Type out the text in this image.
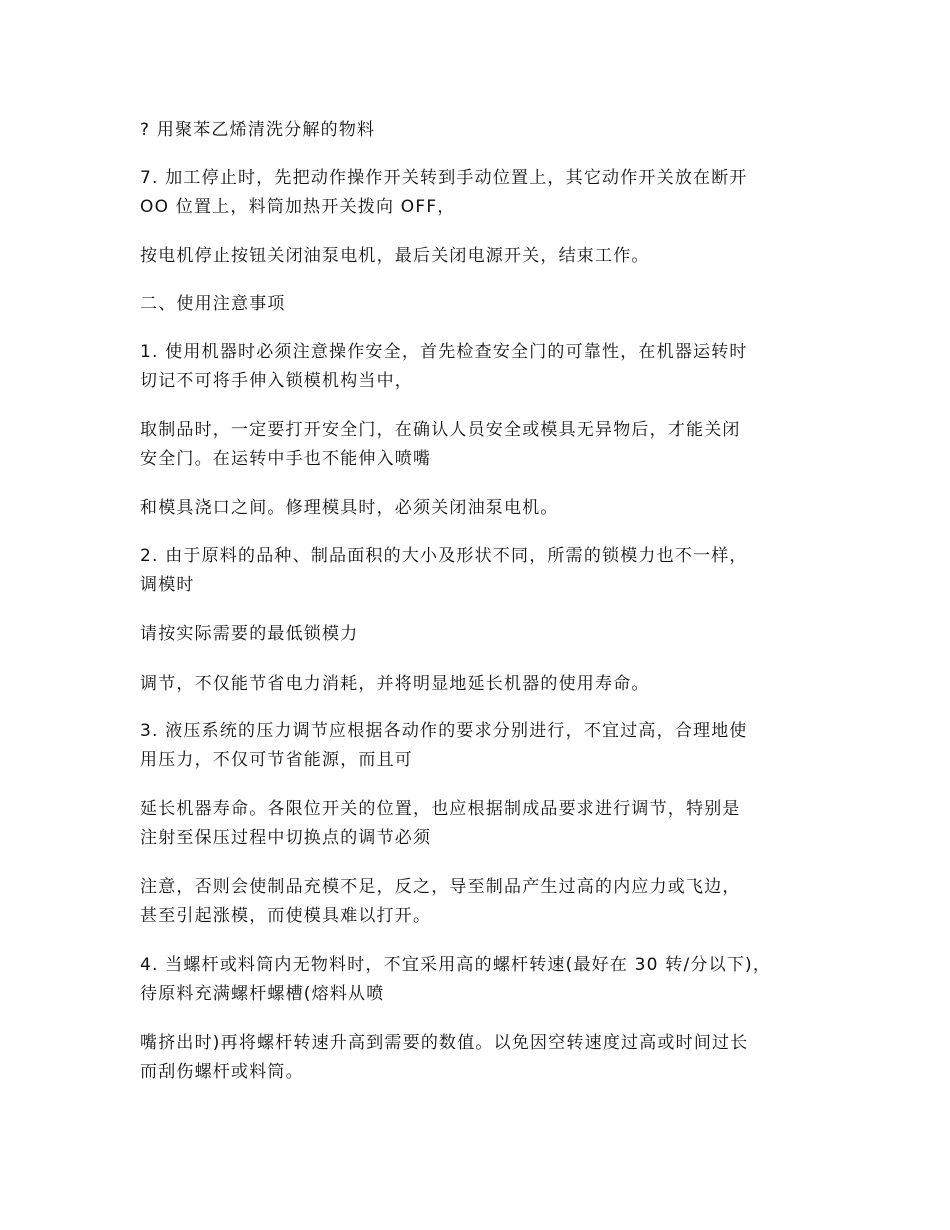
? 用聚苯乙烯清洗分解的物料

7. 加工停止时，先把动作操作开关转到手动位置上，其它动作开关放在断开
OO 位置上，料筒加热开关拨向 OFF，

按电机停止按钮关闭油泵电机，最后关闭电源开关，结束工作。

二、使用注意事项

1. 使用机器时必须注意操作安全，首先检查安全门的可靠性，在机器运转时
切记不可将手伸入锁模机构当中，

取制品时，一定要打开安全门，在确认人员安全或模具无异物后，才能关闭
安全门。在运转中手也不能伸入喷嘴

和模具浇口之间。修理模具时，必须关闭油泵电机。

2. 由于原料的品种、制品面积的大小及形状不同，所需的锁模力也不一样，
调模时

请按实际需要的最低锁模力

调节，不仅能节省电力消耗，并将明显地延长机器的使用寿命。

3. 液压系统的压力调节应根据各动作的要求分别进行，不宜过高，合理地使
用压力，不仅可节省能源，而且可

延长机器寿命。各限位开关的位置，也应根据制成品要求进行调节，特别是
注射至保压过程中切换点的调节必须

注意，否则会使制品充模不足，反之，导至制品产生过高的内应力或飞边，
甚至引起涨模，而使模具难以打开。

4. 当螺杆或料筒内无物料时，不宜采用高的螺杆转速(最好在 30 转/分以下)，
待原料充满螺杆螺槽(熔料从喷

嘴挤出时)再将螺杆转速升高到需要的数值。以免因空转速度过高或时间过长
而刮伤螺杆或料筒。
